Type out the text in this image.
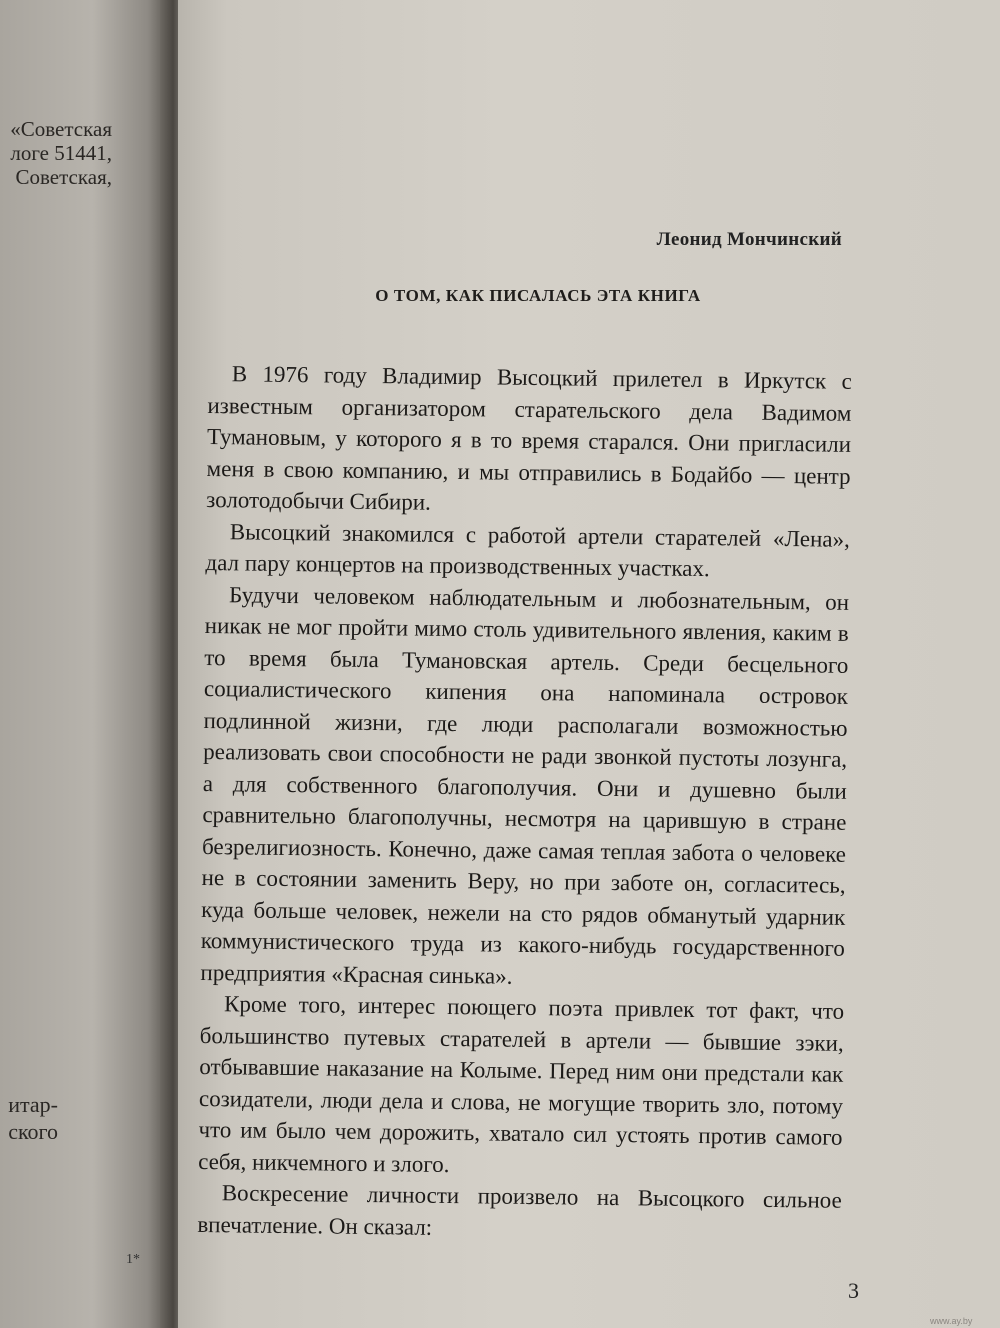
«Советская
логе 51441,
Советская,
итар-
ского
Леонид Мончинский
О ТОМ, КАК ПИСАЛАСЬ ЭТА КНИГА

В 1976 году Владимир Высоцкий прилетел в Иркутск с известным организатором старательского дела Вадимом Тумановым, у которого я в то время старался. Они пригласили меня в свою компанию, и мы отправились в Бодайбо — центр золотодобычи Сибири.

Высоцкий знакомился с работой артели старателей «Лена», дал пару концертов на производственных участках.

Будучи человеком наблюдательным и любознательным, он никак не мог пройти мимо столь удивительного явления, каким в то время была Тумановская артель. Среди бесцельного социалистического кипения она напоминала островок подлинной жизни, где люди располагали возможностью реализовать свои способности не ради звонкой пустоты лозунга, а для собственного благополучия. Они и душевно были сравнительно благополучны, несмотря на царившую в стране безрелигиозность. Конечно, даже самая теплая забота о человеке не в состоянии заменить Веру, но при заботе он, согласитесь, куда больше человек, нежели на сто рядов обманутый ударник коммунистического труда из какого-нибудь государственного предприятия «Красная синька».

Кроме того, интерес поющего поэта привлек тот факт, что большинство путевых старателей в артели — бывшие зэки, отбывавшие наказание на Колыме. Перед ним они предстали как созидатели, люди дела и слова, не могущие творить зло, потому что им было чем дорожить, хватало сил устоять против самого себя, никчемного и злого.

Воскресение личности произвело на Высоцкого сильное впечатление. Он сказал:

1*
3
www.ay.by
